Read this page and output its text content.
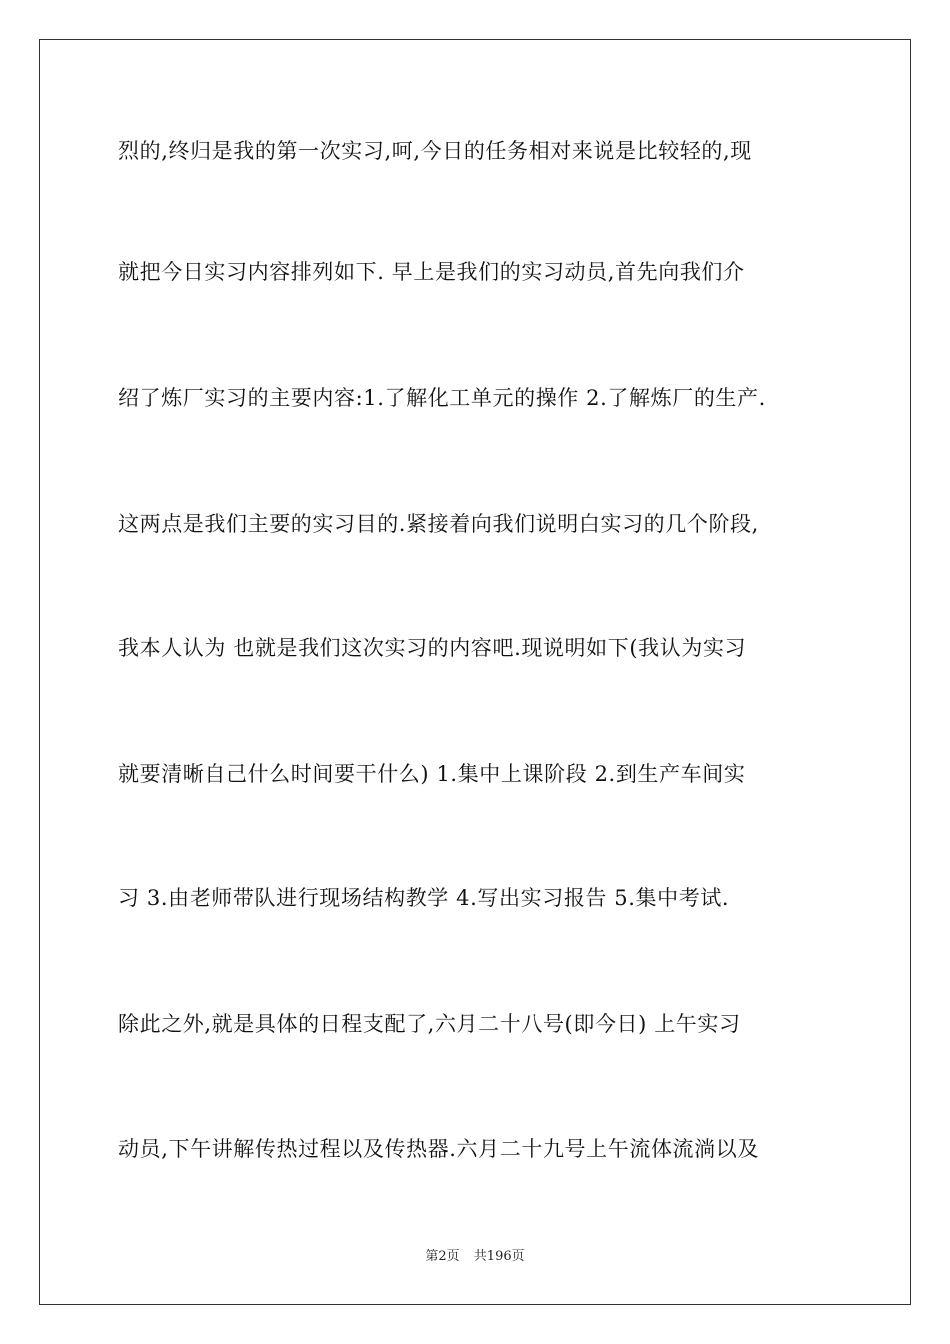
烈的,终归是我的第一次实习,呵,今日的任务相对来说是比较轻的,现
就把今日实习内容排列如下. 早上是我们的实习动员,首先向我们介
绍了炼厂实习的主要内容:1.了解化工单元的操作 2.了解炼厂的生产.
这两点是我们主要的实习目的.紧接着向我们说明白实习的几个阶段,
我本人认为 也就是我们这次实习的内容吧.现说明如下(我认为实习
就要清晰自己什么时间要干什么) 1.集中上课阶段 2.到生产车间实
习 3.由老师带队进行现场结构教学 4.写出实习报告 5.集中考试.
除此之外,就是具体的日程支配了,六月二十八号(即今日) 上午实习
动员,下午讲解传热过程以及传热器.六月二十九号上午流体流淌以及
第2页 共196页
